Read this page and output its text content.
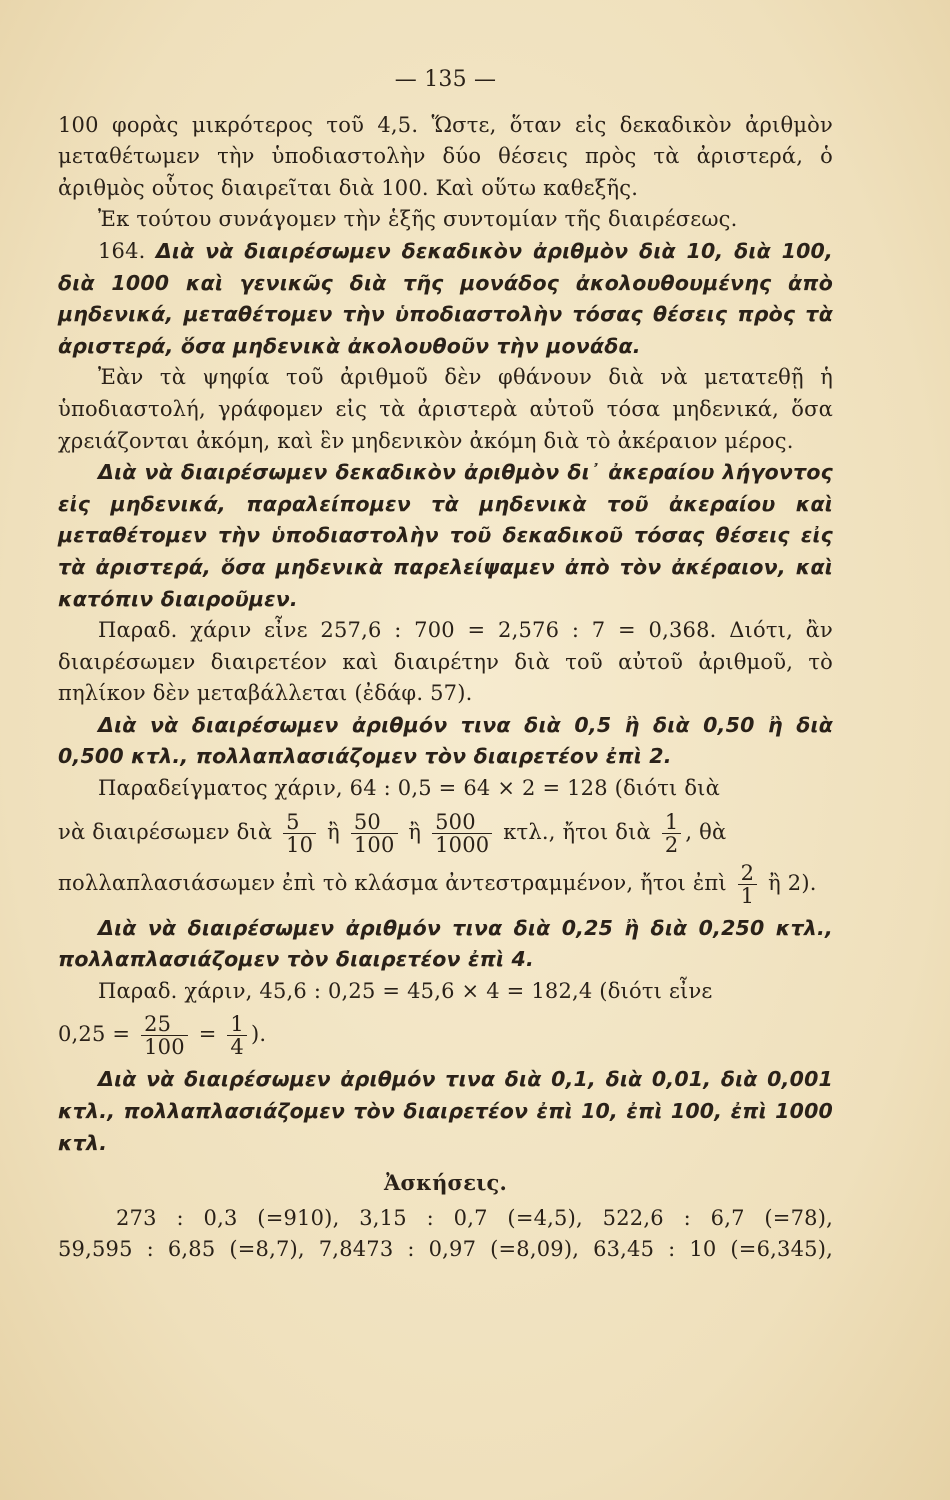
— 135 —

100 φορὰς μικρότερος τοῦ 4,5. Ὥστε, ὅταν εἰς δεκαδικὸν ἀριθμὸν μεταθέτωμεν τὴν ὑποδιαστολὴν δύο θέσεις πρὸς τὰ ἀριστερά, ὁ ἀριθμὸς οὗτος διαιρεῖται διὰ 100. Καὶ οὕτω καθεξῆς.

Ἐκ τούτου συνάγομεν τὴν ἑξῆς συντομίαν τῆς διαιρέσεως.

164. Διὰ νὰ διαιρέσωμεν δεκαδικὸν ἀριθμὸν διὰ 10, διὰ 100, διὰ 1000 καὶ γενικῶς διὰ τῆς μονάδος ἀκολουθουμένης ἀπὸ μηδενικά, μεταθέτομεν τὴν ὑποδιαστολὴν τόσας θέσεις πρὸς τὰ ἀριστερά, ὅσα μηδενικὰ ἀκολουθοῦν τὴν μονάδα.

Ἐὰν τὰ ψηφία τοῦ ἀριθμοῦ δὲν φθάνουν διὰ νὰ μετατεθῇ ἡ ὑποδιαστολή, γράφομεν εἰς τὰ ἀριστερὰ αὐτοῦ τόσα μηδενικά, ὅσα χρειάζονται ἀκόμη, καὶ ἓν μηδενικὸν ἀκόμη διὰ τὸ ἀκέραιον μέρος.

Διὰ νὰ διαιρέσωμεν δεκαδικὸν ἀριθμὸν δι᾽ ἀκεραίου λήγοντος εἰς μηδενικά, παραλείπομεν τὰ μηδενικὰ τοῦ ἀκεραίου καὶ μεταθέτομεν τὴν ὑποδιαστολὴν τοῦ δεκαδικοῦ τόσας θέσεις εἰς τὰ ἀριστερά, ὅσα μηδενικὰ παρελείψαμεν ἀπὸ τὸν ἀκέραιον, καὶ κατόπιν διαιροῦμεν.

Παραδ. χάριν εἶνε 257,6 : 700 = 2,576 : 7 = 0,368. Διότι, ἂν διαιρέσωμεν διαιρετέον καὶ διαιρέτην διὰ τοῦ αὐτοῦ ἀριθμοῦ, τὸ πηλίκον δὲν μεταβάλλεται (ἐδάφ. 57).

Διὰ νὰ διαιρέσωμεν ἀριθμόν τινα διὰ 0,5 ἢ διὰ 0,50 ἢ διὰ 0,500 κτλ., πολλαπλασιάζομεν τὸν διαιρετέον ἐπὶ 2.

Παραδείγματος χάριν, 64 : 0,5 = 64 × 2 = 128 (διότι διὰ

νὰ διαιρέσωμεν διὰ $\frac{5}{10}$ ἢ $\frac{50}{100}$ ἢ $\frac{500}{1000} \kappa\tau\lambda$., ἤτοι διὰ $\frac{1}{2}$ , θὰ

πολλαπλασιάσωμεν ἐπὶ τὸ κλάσμα ἀντεστραμμένον, ἤτοι ἐπὶ $\frac{2}{1}$ ἢ 2).

Διὰ νὰ διαιρέσωμεν ἀριθμόν τινα διὰ 0,25 ἢ διὰ 0,250 κτλ., πολλαπλασιάζομεν τὸν διαιρετέον ἐπὶ 4.

Παραδ. χάριν, 45,6 : 0,25 = 45,6 × 4 = 182,4 (διότι εἶνε

$0,25 = \frac{25}{100} = \frac{1}{4}$ ).

Διὰ νὰ διαιρέσωμεν ἀριθμόν τινα διὰ 0,1, διὰ 0,01, διὰ 0,001 κτλ., πολλαπλασιάζομεν τὸν διαιρετέον ἐπὶ 10, ἐπὶ 100, ἐπὶ 1000 κτλ.

Ἀσκήσεις.

273 : 0,3 (=910), 3,15 : 0,7 (=4,5), 522,6 : 6,7 (=78),

59,595 : 6,85 (=8,7), 7,8473 : 0,97 (=8,09), 63,45 : 10 (=6,345),
